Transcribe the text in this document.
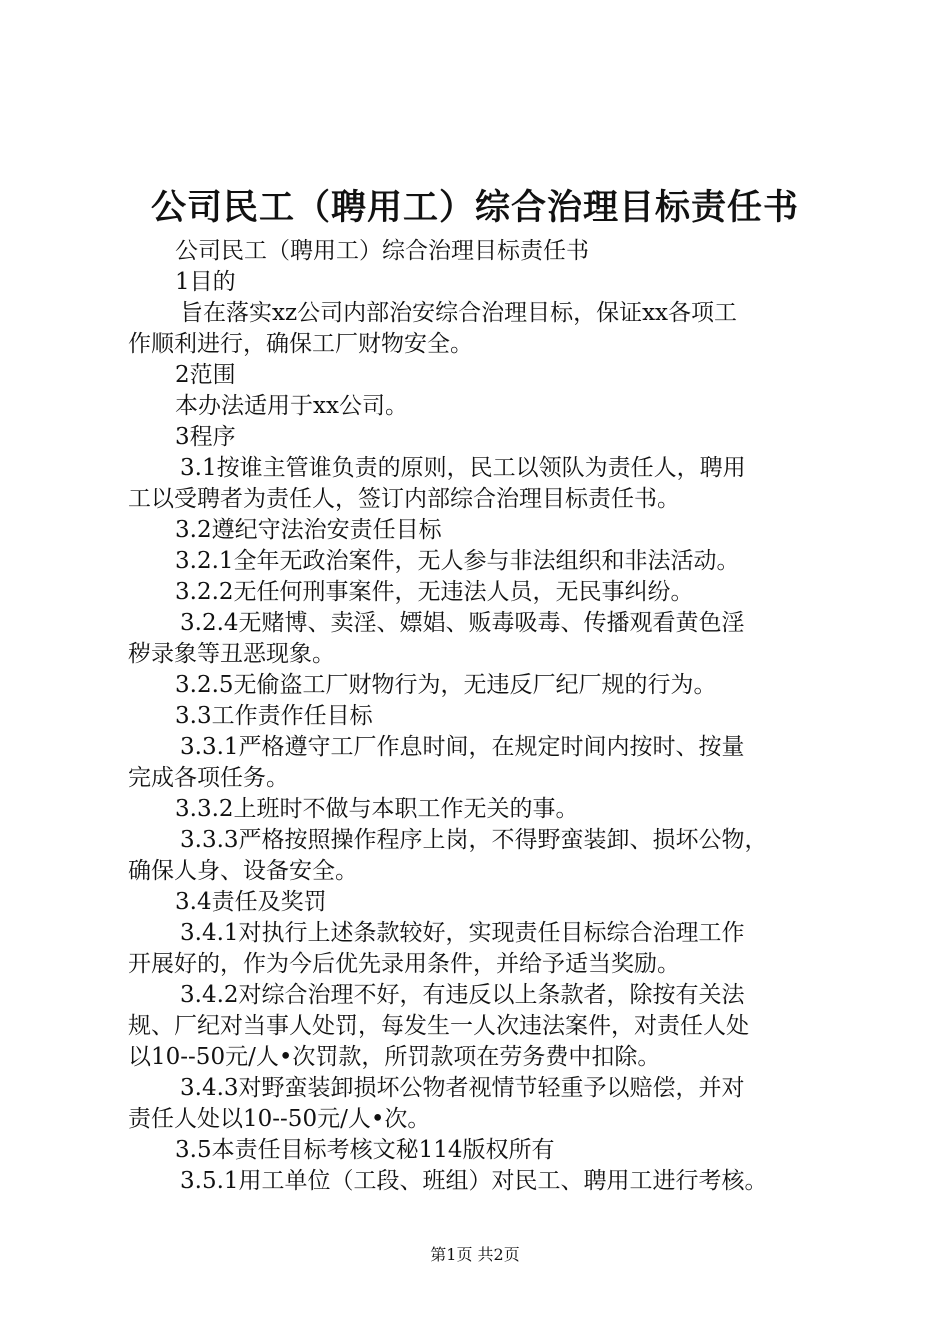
公司民工（聘用工）综合治理目标责任书
公司民工（聘用工）综合治理目标责任书
1目的
旨在落实xz公司内部治安综合治理目标，保证xx各项工
作顺利进行，确保工厂财物安全。
2范围
本办法适用于xx公司。
3程序
3.1按谁主管谁负责的原则，民工以领队为责任人，聘用
工以受聘者为责任人，签订内部综合治理目标责任书。
3.2遵纪守法治安责任目标
3.2.1全年无政治案件，无人参与非法组织和非法活动。
3.2.2无任何刑事案件，无违法人员，无民事纠纷。
3.2.4无赌博、卖淫、嫖娼、贩毒吸毒、传播观看黄色淫
秽录象等丑恶现象。
3.2.5无偷盗工厂财物行为，无违反厂纪厂规的行为。
3.3工作责作任目标
3.3.1严格遵守工厂作息时间，在规定时间内按时、按量
完成各项任务。
3.3.2上班时不做与本职工作无关的事。
3.3.3严格按照操作程序上岗，不得野蛮装卸、损坏公物，
确保人身、设备安全。
3.4责任及奖罚
3.4.1对执行上述条款较好，实现责任目标综合治理工作
开展好的，作为今后优先录用条件，并给予适当奖励。
3.4.2对综合治理不好，有违反以上条款者，除按有关法
规、厂纪对当事人处罚，每发生一人次违法案件，对责任人处
以10--50元/人•次罚款，所罚款项在劳务费中扣除。
3.4.3对野蛮装卸损坏公物者视情节轻重予以赔偿，并对
责任人处以10--50元/人•次。
3.5本责任目标考核文秘114版权所有
3.5.1用工单位（工段、班组）对民工、聘用工进行考核。
第1页 共2页
